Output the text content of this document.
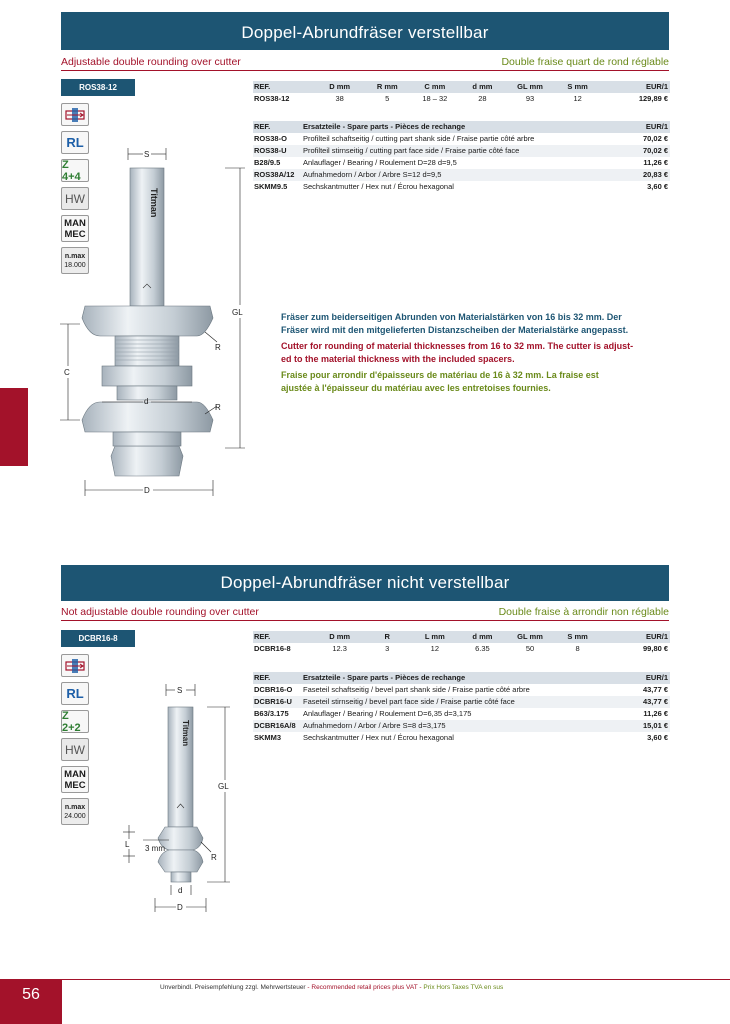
Doppel-Abrundfräser verstellbar
Adjustable double rounding over cutter	Double fraise quart de rond réglable
ROS38-12
RL
Z 4+4
HW
MAN
MEC
n.max
18.000
REF.	D mm	R mm	C mm	d mm	GL mm	S mm	EUR/1
ROS38-12	38	5	18 – 32	28	93	12	129,89 €
REF.	Ersatzteile - Spare parts - Pièces de rechange	EUR/1
ROS38-O	Profilteil schaftseitig / cutting part shank side / Fraise partie côté arbre	70,02 €
ROS38-U	Profilteil stirnseitig / cutting part face side / Fraise partie côté face	70,02 €
B28/9.5	Anlauflager / Bearing / Roulement D=28 d=9,5	11,26 €
ROS38A/12	Aufnahmedorn / Arbor / Arbre S=12 d=9,5	20,83 €
SKMM9.5	Sechskantmutter / Hex nut / Écrou hexagonal	3,60 €
Fräser zum beiderseitigen Abrunden von Materialstärken von 16 bis 32 mm. Der
Fräser wird mit den mitgelieferten Distanzscheiben der Materialstärke angepasst.
Cutter for rounding of material thicknesses from 16 to 32 mm. The cutter is adjust-
ed to the material thickness with the included spacers.
Fraise pour arrondir d'épaisseurs de matériau de 16 à 32 mm. La fraise est
ajustée à l'épaisseur du matériau avec les entretoises fournies.
S
Titman
GL
C
d
R
R
D
Doppel-Abrundfräser nicht verstellbar
Not adjustable double rounding over cutter	Double fraise à arrondir non réglable
DCBR16-8
RL
Z 2+2
HW
MAN
MEC
n.max
24.000
REF.	D mm	R	L mm	d mm	GL mm	S mm	EUR/1
DCBR16-8	12.3	3	12	6.35	50	8	99,80 €
REF.	Ersatzteile - Spare parts - Pièces de rechange	EUR/1
DCBR16-O	Faseteil schaftseitig / bevel part shank side / Fraise partie côté arbre	43,77 €
DCBR16-U	Faseteil stirnseitig / bevel part face side / Fraise partie côté face	43,77 €
B63/3.175	Anlauflager / Bearing / Roulement D=6,35 d=3,175	11,26 €
DCBR16A/8 Aufnahmedorn / Arbor / Arbre S=8 d=3,175	15,01 €
SKMM3	Sechskantmutter / Hex nut / Écrou hexagonal	3,60 €
S
Titman
GL
L 3 mm
R
d
D
56	Unverbindl. Preisempfehlung zzgl. Mehrwertsteuer - Recommended retail prices plus VAT - Prix Hors Taxes TVA en sus
